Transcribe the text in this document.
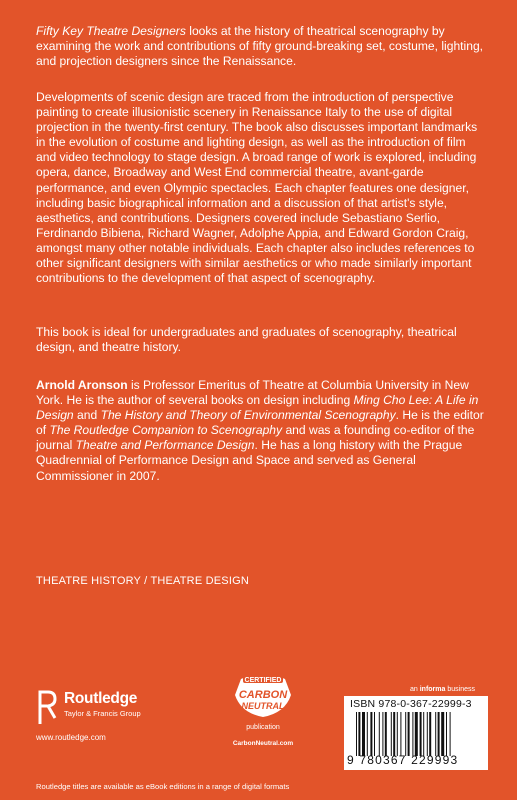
Fifty Key Theatre Designers looks at the history of theatrical scenography by examining the work and contributions of fifty ground-breaking set, costume, lighting, and projection designers since the Renaissance.

Developments of scenic design are traced from the introduction of perspective painting to create illusionistic scenery in Renaissance Italy to the use of digital projection in the twenty-first century. The book also discusses important landmarks in the evolution of costume and lighting design, as well as the introduction of film and video technology to stage design. A broad range of work is explored, including opera, dance, Broadway and West End commercial theatre, avant-garde performance, and even Olympic spectacles. Each chapter features one designer, including basic biographical information and a discussion of that artist's style, aesthetics, and contributions. Designers covered include Sebastiano Serlio, Ferdinando Bibiena, Richard Wagner, Adolphe Appia, and Edward Gordon Craig, amongst many other notable individuals. Each chapter also includes references to other significant designers with similar aesthetics or who made similarly important contributions to the development of that aspect of scenography.

This book is ideal for undergraduates and graduates of scenography, theatrical design, and theatre history.

Arnold Aronson is Professor Emeritus of Theatre at Columbia University in New York. He is the author of several books on design including Ming Cho Lee: A Life in Design and The History and Theory of Environmental Scenography. He is the editor of The Routledge Companion to Scenography and was a founding co-editor of the journal Theatre and Performance Design. He has a long history with the Prague Quadrennial of Performance Design and Space and served as General Commissioner in 2007.

THEATRE HISTORY / THEATRE DESIGN
Routledge
Taylor & Francis Group
www.routledge.com
CERTIFIED
CARBON
NEUTRAL
publication
CarbonNeutral.com
an informa business
ISBN 978-0-367-22999-3
9 780367 229993
Routledge titles are available as eBook editions in a range of digital formats
